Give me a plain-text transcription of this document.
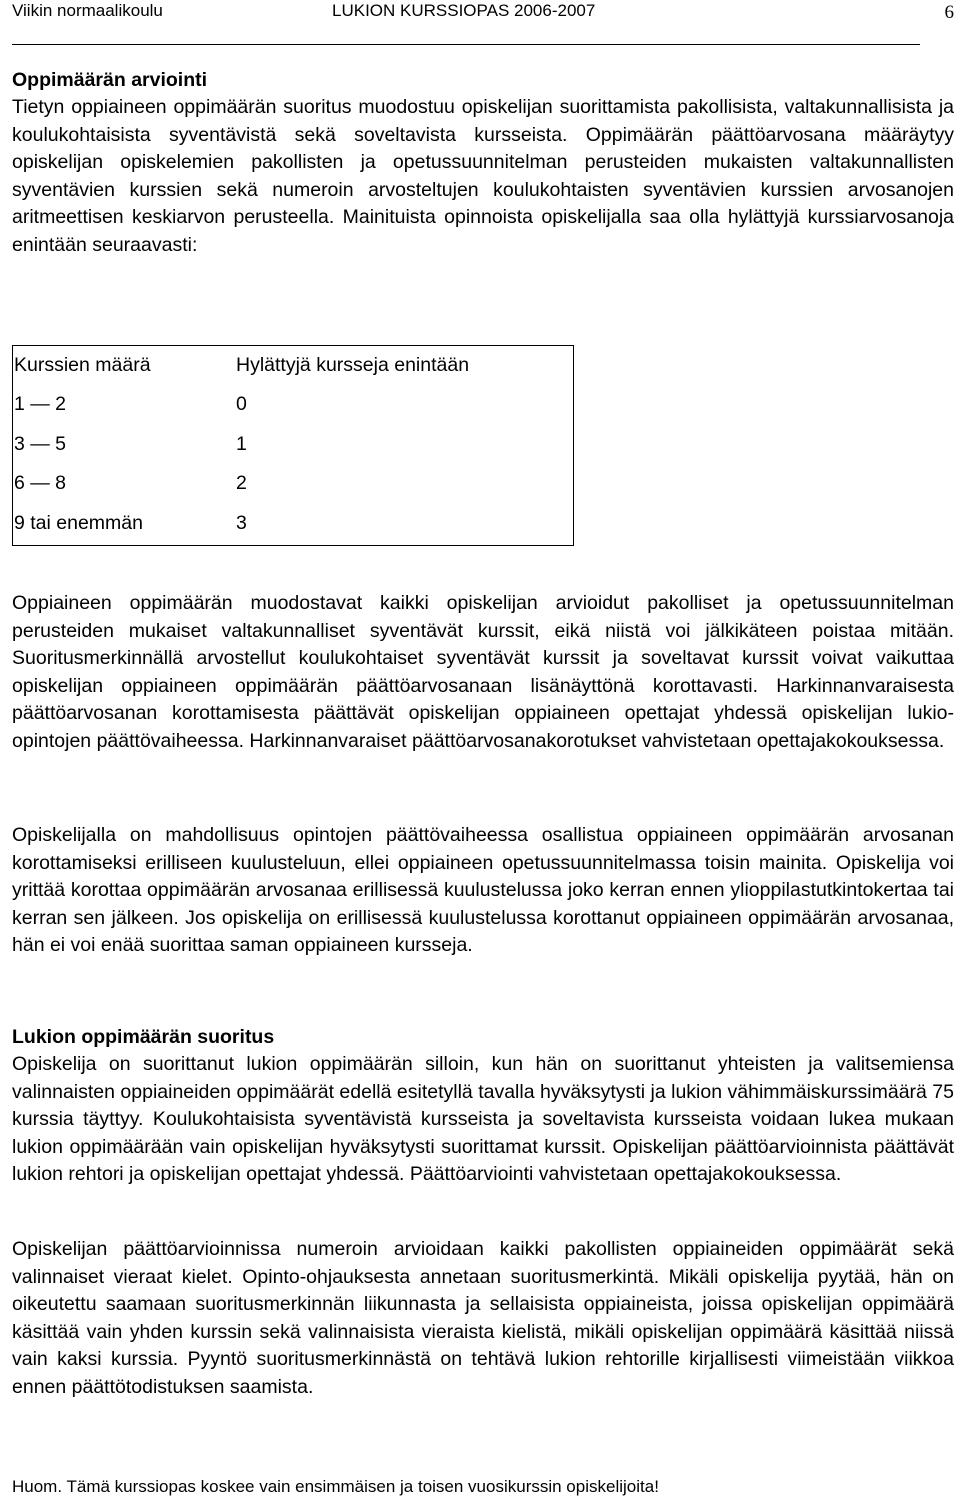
Viikin normaalikoulu	LUKION KURSSIOPAS 2006-2007	6
Oppimäärän arviointi

Tietyn oppiaineen oppimäärän suoritus muodostuu opiskelijan suorittamista pakollisista, valtakunnallisista ja koulukohtaisista syventävistä sekä soveltavista kursseista. Oppimäärän päättöarvosana määräytyy opiskelijan opiskelemien pakollisten ja opetussuunnitelman perusteiden mukaisten valtakunnallisten syventävien kurssien sekä numeroin arvosteltujen koulukohtaisten syventävien kurssien arvosanojen aritmeettisen keskiarvon perusteella. Mainituista opinnoista opiskelijalla saa olla hylättyjä kurssiarvosanoja enintään seuraavasti:

Kurssien määrä	Hylättyjä kursseja enintään
1 — 2	0
3 — 5	1
6 — 8	2
9 tai enemmän	3

Oppiaineen oppimäärän muodostavat kaikki opiskelijan arvioidut pakolliset ja opetussuunnitelman perusteiden mukaiset valtakunnalliset syventävät kurssit, eikä niistä voi jälkikäteen poistaa mitään. Suoritusmerkinnällä arvostellut koulukohtaiset syventävät kurssit ja soveltavat kurssit voivat vaikuttaa opiskelijan oppiaineen oppimäärän päättöarvosanaan lisänäyttönä korottavasti. Harkinnanvaraisesta päättöarvosanan korottamisesta päättävät opiskelijan oppiaineen opettajat yhdessä opiskelijan lukio-opintojen päättövaiheessa. Harkinnanvaraiset päättöarvosanakorotukset vahvistetaan opettajakokouksessa.

Opiskelijalla on mahdollisuus opintojen päättövaiheessa osallistua oppiaineen oppimäärän arvosanan korottamiseksi erilliseen kuulusteluun, ellei oppiaineen opetussuunnitelmassa toisin mainita. Opiskelija voi yrittää korottaa oppimäärän arvosanaa erillisessä kuulustelussa joko kerran ennen ylioppilastutkintokertaa tai kerran sen jälkeen. Jos opiskelija on erillisessä kuulustelussa korottanut oppiaineen oppimäärän arvosanaa, hän ei voi enää suorittaa saman oppiaineen kursseja.

Lukion oppimäärän suoritus

Opiskelija on suorittanut lukion oppimäärän silloin, kun hän on suorittanut yhteisten ja valitsemiensa valinnaisten oppiaineiden oppimäärät edellä esitetyllä tavalla hyväksytysti ja lukion vähimmäiskurssimäärä 75 kurssia täyttyy. Koulukohtaisista syventävistä kursseista ja soveltavista kursseista voidaan lukea mukaan lukion oppimäärään vain opiskelijan hyväksytysti suorittamat kurssit. Opiskelijan päättöarvioinnista päättävät lukion rehtori ja opiskelijan opettajat yhdessä. Päättöarviointi vahvistetaan opettajakokouksessa.

Opiskelijan päättöarvioinnissa numeroin arvioidaan kaikki pakollisten oppiaineiden oppimäärät sekä valinnaiset vieraat kielet. Opinto-ohjauksesta annetaan suoritusmerkintä. Mikäli opiskelija pyytää, hän on oikeutettu saamaan suoritusmerkinnän liikunnasta ja sellaisista oppiaineista, joissa opiskelijan oppimäärä käsittää vain yhden kurssin sekä valinnaisista vieraista kielistä, mikäli opiskelijan oppimäärä käsittää niissä vain kaksi kurssia. Pyyntö suoritusmerkinnästä on tehtävä lukion rehtorille kirjallisesti viimeistään viikkoa ennen päättötodistuksen saamista.

Huom. Tämä kurssiopas koskee vain ensimmäisen ja toisen vuosikurssin opiskelijoita!
